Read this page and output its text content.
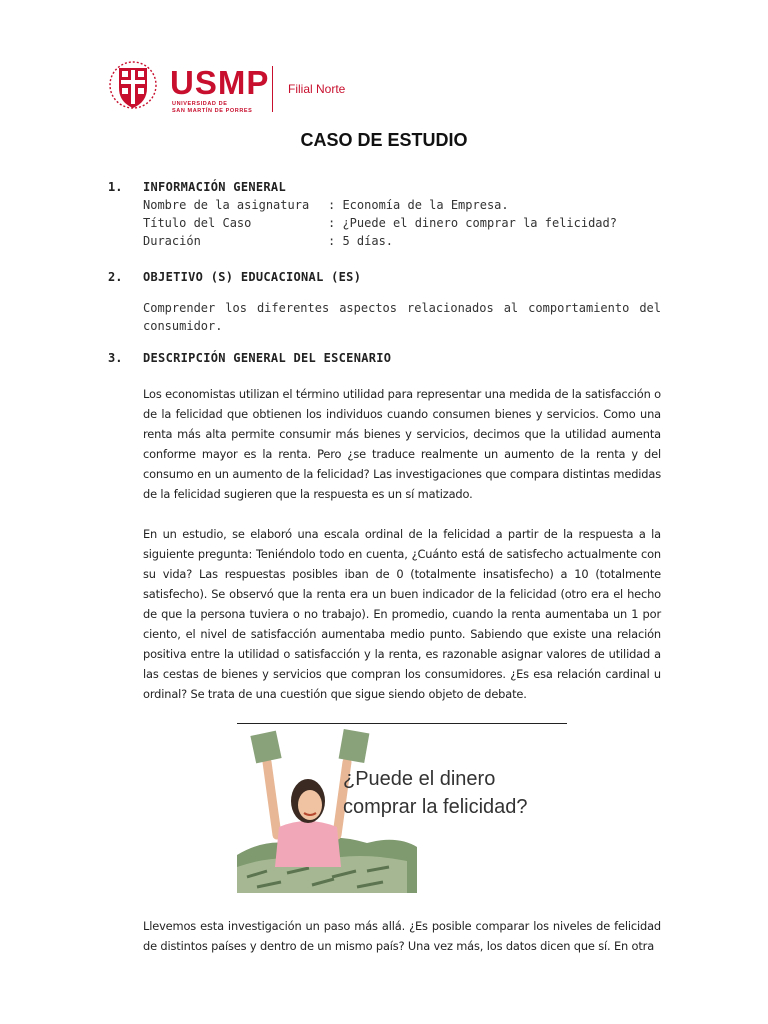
USMP
UNIVERSIDAD DE
SAN MARTÍN DE PORRES
Filial Norte
CASO DE ESTUDIO
1. INFORMACIÓN GENERAL
Nombre de la asignatura : Economía de la Empresa.
Título del Caso	: ¿Puede el dinero comprar la felicidad?
Duración	: 5 días.
2. OBJETIVO (S) EDUCACIONAL (ES)

Comprender los diferentes aspectos relacionados al comportamiento del consumidor.

3. DESCRIPCIÓN GENERAL DEL ESCENARIO

Los economistas utilizan el término utilidad para representar una medida de la satisfacción o de la felicidad que obtienen los individuos cuando consumen bienes y servicios. Como una renta más alta permite consumir más bienes y servicios, decimos que la utilidad aumenta conforme mayor es la renta. Pero ¿se traduce realmente un aumento de la renta y del consumo en un aumento de la felicidad? Las investigaciones que compara distintas medidas de la felicidad sugieren que la respuesta es un sí matizado.

En un estudio, se elaboró una escala ordinal de la felicidad a partir de la respuesta a la siguiente pregunta: Teniéndolo todo en cuenta, ¿Cuánto está de satisfecho actualmente con su vida? Las respuestas posibles iban de 0 (totalmente insatisfecho) a 10 (totalmente satisfecho). Se observó que la renta era un buen indicador de la felicidad (otro era el hecho de que la persona tuviera o no trabajo). En promedio, cuando la renta aumentaba un 1 por ciento, el nivel de satisfacción aumentaba medio punto. Sabiendo que existe una relación positiva entre la utilidad o satisfacción y la renta, es razonable asignar valores de utilidad a las cestas de bienes y servicios que compran los consumidores. ¿Es esa relación cardinal u ordinal? Se trata de una cuestión que sigue siendo objeto de debate.

¿Puede el dinero
comprar la felicidad?

Llevemos esta investigación un paso más allá. ¿Es posible comparar los niveles de felicidad de distintos países y dentro de un mismo país? Una vez más, los datos dicen que sí. En otra
